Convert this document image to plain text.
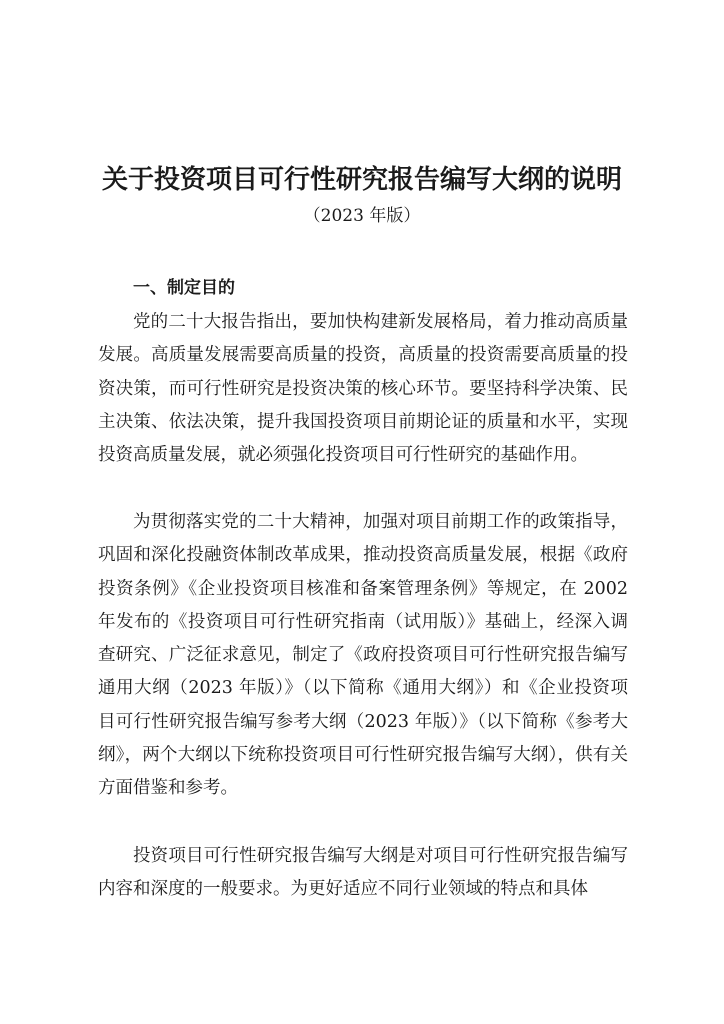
关于投资项目可行性研究报告编写大纲的说明

（2023 年版）

一、制定目的

党的二十大报告指出，要加快构建新发展格局，着力推动高质量发展。高质量发展需要高质量的投资，高质量的投资需要高质量的投资决策，而可行性研究是投资决策的核心环节。要坚持科学决策、民主决策、依法决策，提升我国投资项目前期论证的质量和水平，实现投资高质量发展，就必须强化投资项目可行性研究的基础作用。

为贯彻落实党的二十大精神，加强对项目前期工作的政策指导，巩固和深化投融资体制改革成果，推动投资高质量发展，根据《政府投资条例》《企业投资项目核准和备案管理条例》等规定，在 2002 年发布的《投资项目可行性研究指南（试用版）》基础上，经深入调查研究、广泛征求意见，制定了《政府投资项目可行性研究报告编写通用大纲（2023 年版）》（以下简称《通用大纲》）和《企业投资项目可行性研究报告编写参考大纲（2023 年版）》（以下简称《参考大纲》，两个大纲以下统称投资项目可行性研究报告编写大纲），供有关方面借鉴和参考。

投资项目可行性研究报告编写大纲是对项目可行性研究报告编写内容和深度的一般要求。为更好适应不同行业领域的特点和具体
